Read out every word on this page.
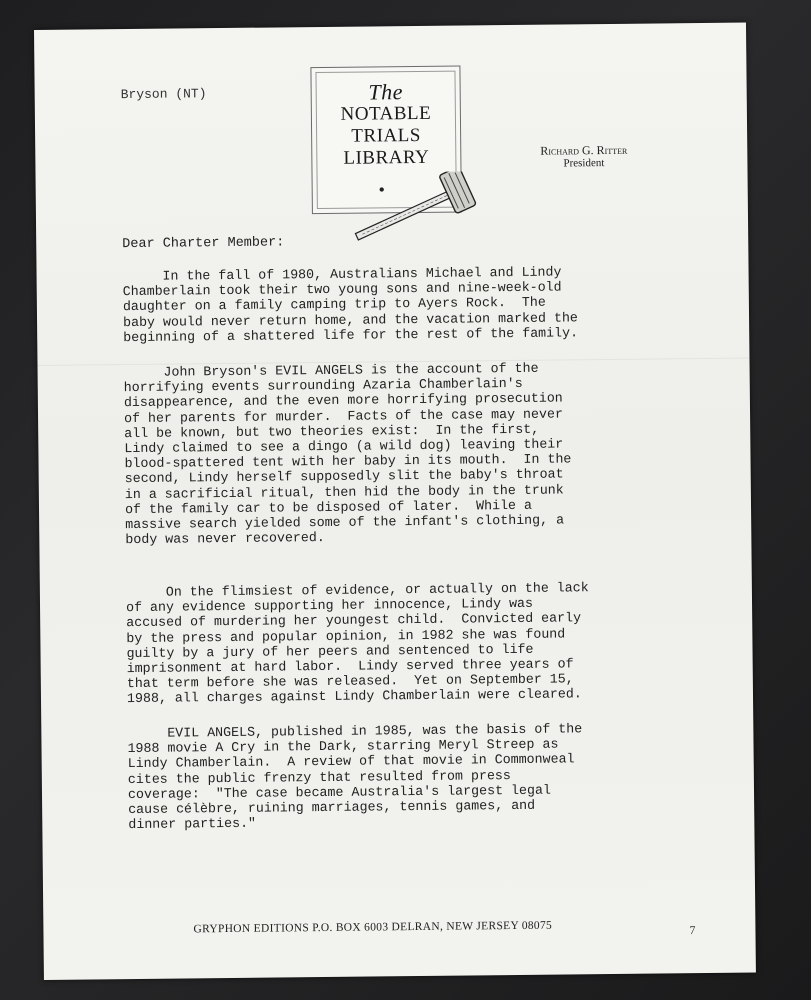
Bryson (NT)	The
NOTABLE
TRIALS
LIBRARY
●
Richard G. Ritter
President
Dear Charter Member:

In the fall of 1980, Australians Michael and Lindy
Chamberlain took their two young sons and nine-week-old
daughter on a family camping trip to Ayers Rock.  The
baby would never return home, and the vacation marked the
beginning of a shattered life for the rest of the family.

John Bryson's EVIL ANGELS is the account of the
horrifying events surrounding Azaria Chamberlain's
disappearence, and the even more horrifying prosecution
of her parents for murder.  Facts of the case may never
all be known, but two theories exist:  In the first,
Lindy claimed to see a dingo (a wild dog) leaving their
blood-spattered tent with her baby in its mouth.  In the
second, Lindy herself supposedly slit the baby's throat
in a sacrificial ritual, then hid the body in the trunk
of the family car to be disposed of later.  While a
massive search yielded some of the infant's clothing, a
body was never recovered.

On the flimsiest of evidence, or actually on the lack
of any evidence supporting her innocence, Lindy was
accused of murdering her youngest child.  Convicted early
by the press and popular opinion, in 1982 she was found
guilty by a jury of her peers and sentenced to life
imprisonment at hard labor.  Lindy served three years of
that term before she was released.  Yet on September 15,
1988, all charges against Lindy Chamberlain were cleared.

EVIL ANGELS, published in 1985, was the basis of the
1988 movie A Cry in the Dark, starring Meryl Streep as
Lindy Chamberlain.  A review of that movie in Commonweal
cites the public frenzy that resulted from press
coverage:  "The case became Australia's largest legal
cause célèbre, ruining marriages, tennis games, and
dinner parties."

GRYPHON EDITIONS P.O. BOX 6003 DELRAN, NEW JERSEY 08075	7
